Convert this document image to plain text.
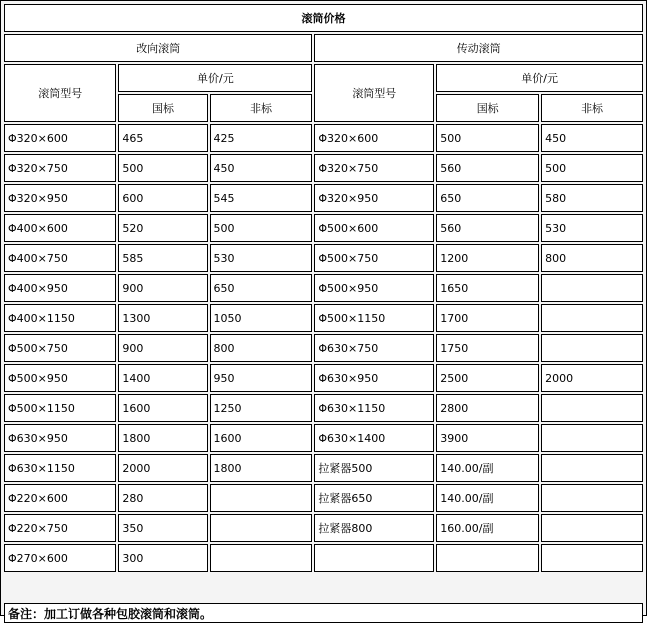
滚筒价格					
改向滚筒			传动滚筒		
滚筒型号	单价/元		滚筒型号	单价/元	
	国标	非标		国标	非标
Φ320×600	465	425	Φ320×600	500	450
Φ320×750	500	450	Φ320×750	560	500
Φ320×950	600	545	Φ320×950	650	580
Φ400×600	520	500	Φ500×600	560	530
Φ400×750	585	530	Φ500×750	1200	800
Φ400×950	900	650	Φ500×950	1650	
Φ400×1150	1300	1050	Φ500×1150	1700	
Φ500×750	900	800	Φ630×750	1750	
Φ500×950	1400	950	Φ630×950	2500	2000
Φ500×1150	1600	1250	Φ630×1150	2800	
Φ630×950	1800	1600	Φ630×1400	3900	
Φ630×1150	2000	1800	拉紧器500	140.00/副	
Φ220×600	280		拉紧器650	140.00/副	
Φ220×750	350		拉紧器800	160.00/副	
Φ270×600	300				

备注：加工订做各种包胶滚筒和滚筒。					
